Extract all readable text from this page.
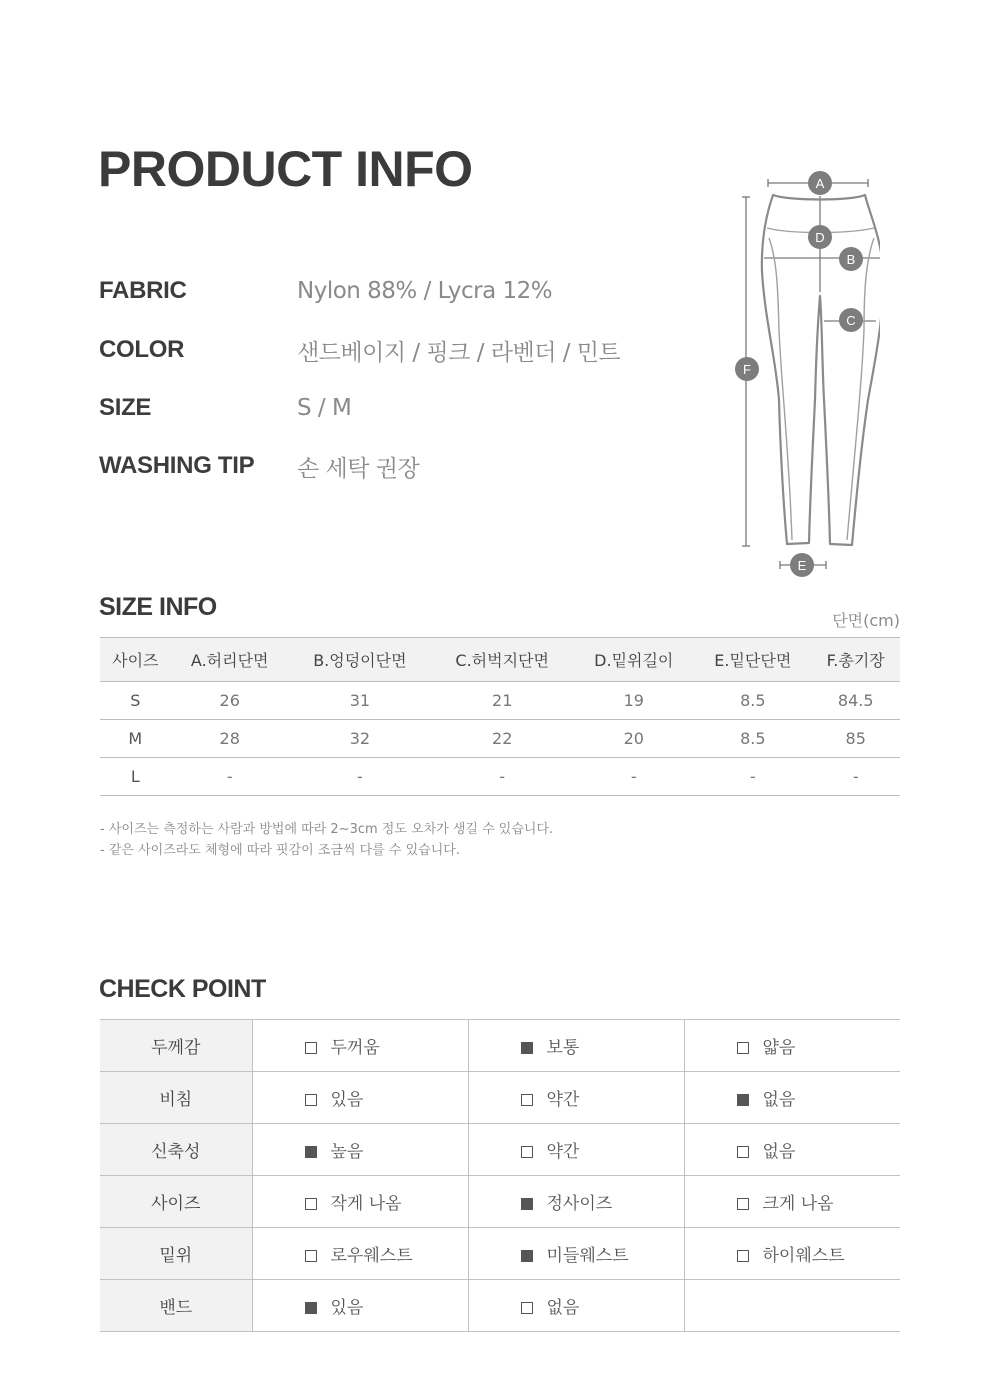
PRODUCT INFO
FABRIC	Nylon 88% / Lycra 12%
COLOR	샌드베이지 / 핑크 / 라벤더 / 민트
SIZE	S / M
WASHING TIP	손 세탁 권장
A
D
B
C
F
E
SIZE INFO	단면(cm)
사이즈	A.허리단면	B.엉덩이단면	C.허벅지단면	D.밑위길이	E.밑단단면	F.총기장
S	26	31	21	19	8.5	84.5
M	28	32	22	20	8.5	85
L	-	-	-	-	-	-
- 사이즈는 측정하는 사람과 방법에 따라 2~3cm 정도 오차가 생길 수 있습니다.
- 같은 사이즈라도 체형에 따라 핏감이 조금씩 다를 수 있습니다.
CHECK POINT
두께감	두꺼움	보통	얇음
비침	있음	약간	없음
신축성	높음	약간	없음
사이즈	작게 나옴	정사이즈	크게 나옴
밑위	로우웨스트	미들웨스트	하이웨스트
밴드	있음	없음	
